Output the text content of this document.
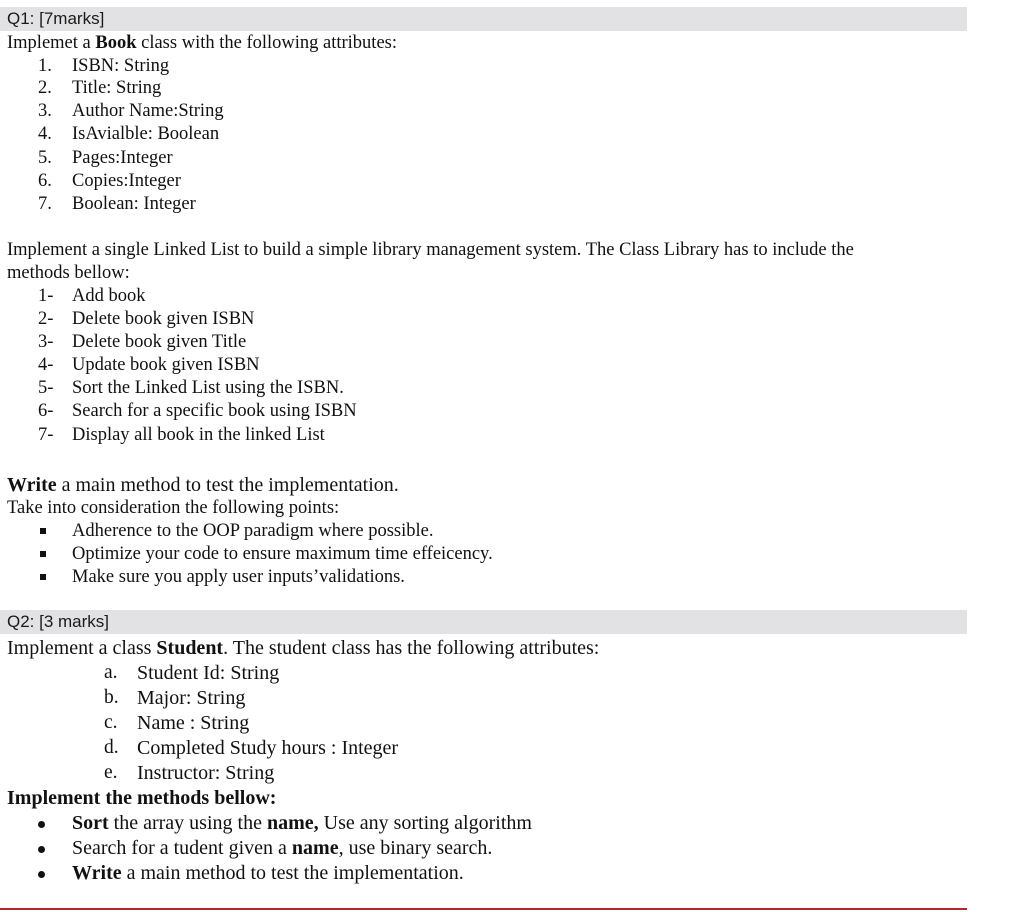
Q1: [7marks]
Implemet a Book class with the following attributes:
1. ISBN: String
2. Title: String
3. Author Name:String
4. IsAvialble: Boolean
5. Pages:Integer
6. Copies:Integer
7. Boolean: Integer
Implement a single Linked List to build a simple library management system. The Class Library has to include the
methods bellow:
1- Add book
2- Delete book given ISBN
3- Delete book given Title
4- Update book given ISBN
5- Sort the Linked List using the ISBN.
6- Search for a specific book using ISBN
7- Display all book in the linked List
Write a main method to test the implementation.
Take into consideration the following points:
Adherence to the OOP paradigm where possible.
Optimize your code to ensure maximum time effeicency.
Make sure you apply user inputs’validations.
Q2: [3 marks]
Implement a class Student. The student class has the following attributes:
a. Student Id: String
b. Major: String
c. Name : String
d. Completed Study hours : Integer
e. Instructor: String
Implement the methods bellow:
Sort the array using the name, Use any sorting algorithm
Search for a tudent given a name, use binary search.
Write a main method to test the implementation.
